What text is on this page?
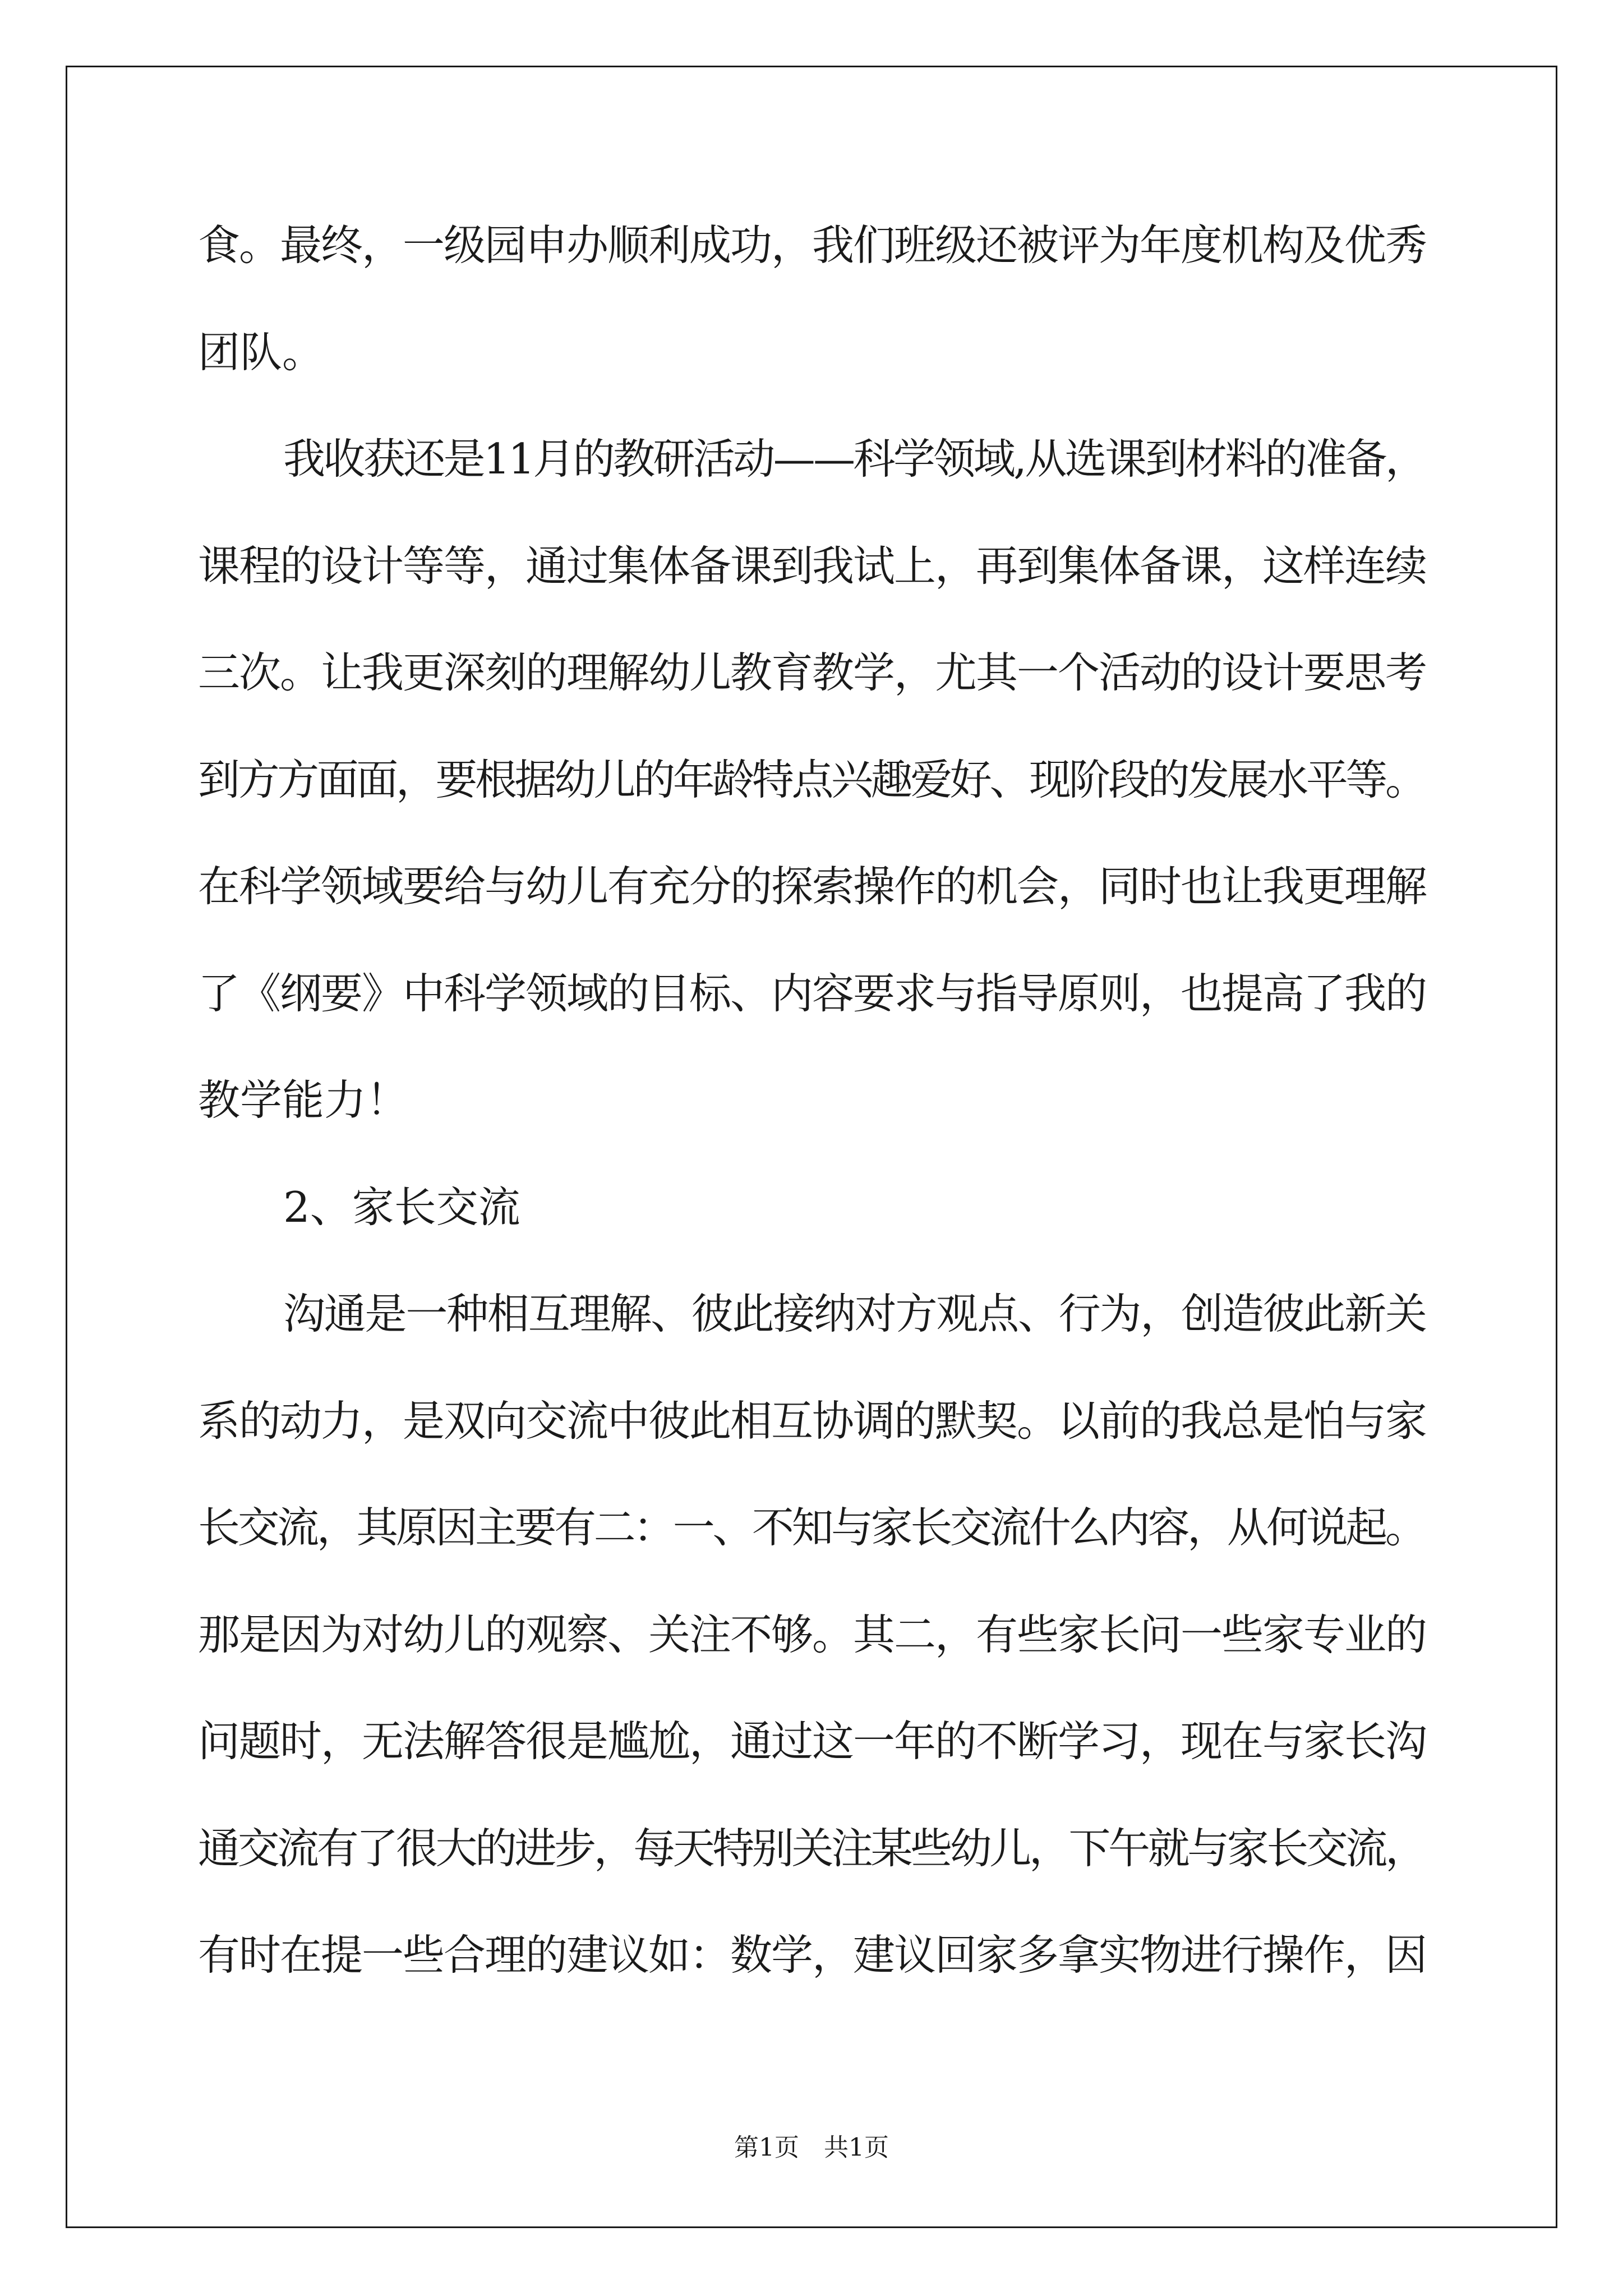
食。最终，一级园申办顺利成功，我们班级还被评为年度机构及优秀

团队。

我收获还是11月的教研活动——科学领域,从选课到材料的准备，

课程的设计等等，通过集体备课到我试上，再到集体备课，这样连续

三次。让我更深刻的理解幼儿教育教学，尤其一个活动的设计要思考

到方方面面，要根据幼儿的年龄特点兴趣爱好、现阶段的发展水平等。

在科学领域要给与幼儿有充分的探索操作的机会，同时也让我更理解

了《纲要》中科学领域的目标、内容要求与指导原则，也提高了我的

教学能力！

2、家长交流

沟通是一种相互理解、彼此接纳对方观点、行为，创造彼此新关

系的动力，是双向交流中彼此相互协调的默契。以前的我总是怕与家

长交流，其原因主要有二：一、不知与家长交流什么内容，从何说起。

那是因为对幼儿的观察、关注不够。其二，有些家长问一些家专业的

问题时，无法解答很是尴尬，通过这一年的不断学习，现在与家长沟

通交流有了很大的进步，每天特别关注某些幼儿，下午就与家长交流，

有时在提一些合理的建议如：数学，建议回家多拿实物进行操作，因

第1页　共1页
